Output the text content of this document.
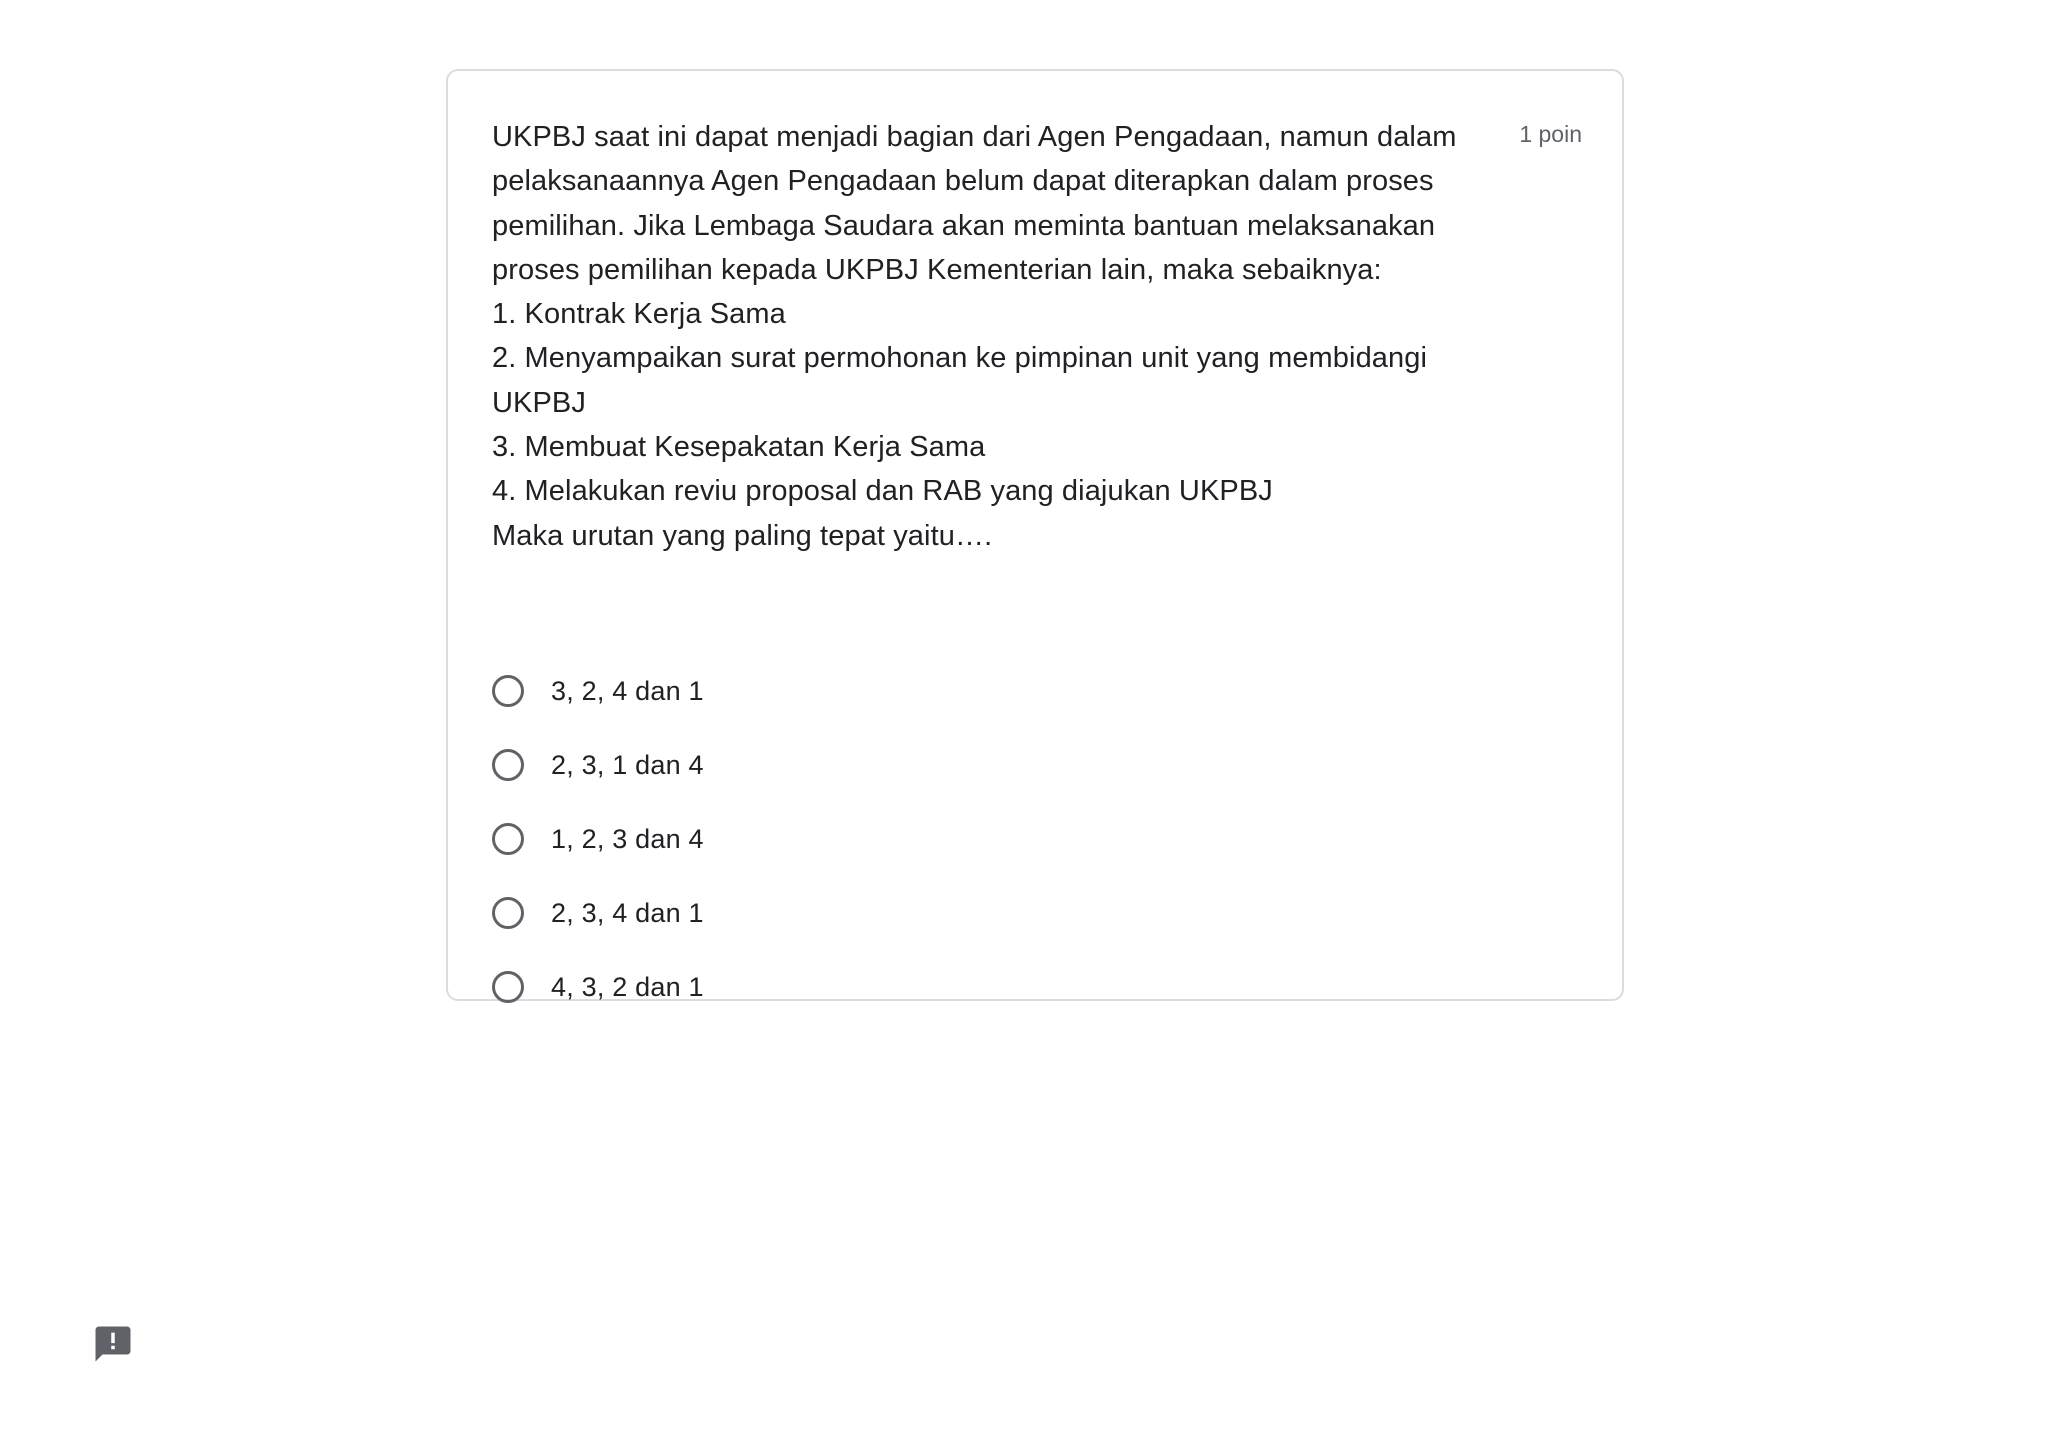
UKPBJ saat ini dapat menjadi bagian dari Agen Pengadaan, namun dalam
pelaksanaannya Agen Pengadaan belum dapat diterapkan dalam proses
pemilihan. Jika Lembaga Saudara akan meminta bantuan melaksanakan
proses pemilihan kepada UKPBJ Kementerian lain, maka sebaiknya:
1. Kontrak Kerja Sama
2. Menyampaikan surat permohonan ke pimpinan unit yang membidangi
UKPBJ
3. Membuat Kesepakatan Kerja Sama
4. Melakukan reviu proposal dan RAB yang diajukan UKPBJ
Maka urutan yang paling tepat yaitu….
1 poin
3, 2, 4 dan 1
2, 3, 1 dan 4
1, 2, 3 dan 4
2, 3, 4 dan 1
4, 3, 2 dan 1
